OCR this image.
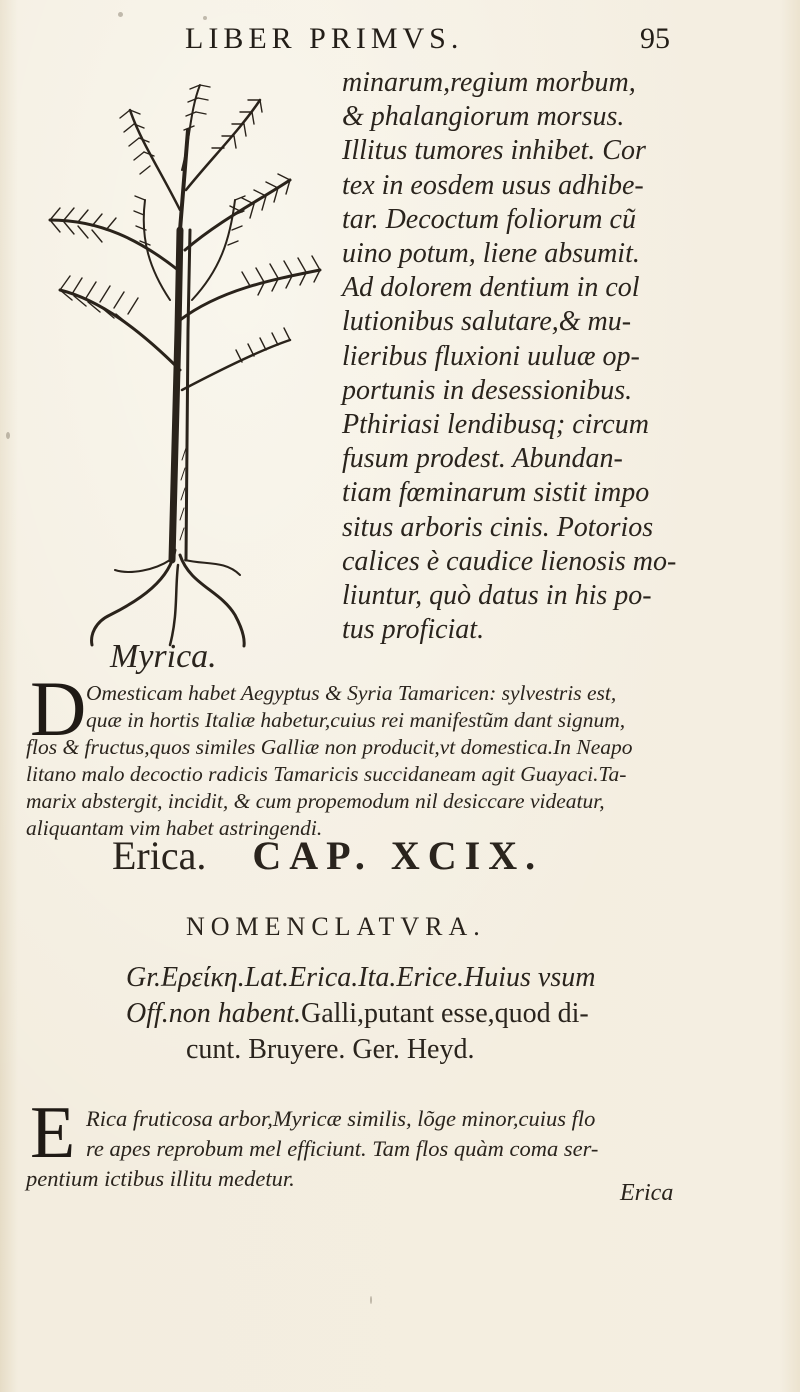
LIBER PRIMVS.	95
Myrica.
minarum,regium morbum,
& phalangiorum morsus.
Illitus tumores inhibet. Cor
tex in eosdem usus adhibe-
tar. Decoctum foliorum cũ
uino potum, liene absumit.
Ad dolorem dentium in col
lutionibus salutare,& mu-
lieribus fluxioni uuluæ op-
portunis in desessionibus.
Pthiriasi lendibusq; circum
fusum prodest. Abundan-
tiam fœminarum sistit impo
situs arboris cinis. Potorios
calices è caudice lienosis mo-
liuntur, quò datus in his po-
tus proficiat.
D Omesticam habet Aegyptus & Syria Tamaricen: sylvestris est,
quæ in hortis Italiæ habetur,cuius rei manifestũm dant signum,
flos & fructus,quos similes Galliæ non producit,vt domestica.In Neapo
litano malo decoctio radicis Tamaricis succidaneam agit Guayaci.Ta-
marix abstergit, incidit, & cum propemodum nil desiccare videatur,
aliquantam vim habet astringendi.
Erica. CAP. XCIX.
NOMENCLATVRA.
Gr.Ερείκη.Lat.Erica.Ita.Erice.Huius vsum
Off.non habent.Galli,putant esse,quod di-
cunt. Bruyere. Ger. Heyd.
E Rica fruticosa arbor,Myricæ similis, lõge minor,cuius flo
re apes reprobum mel efficiunt. Tam flos quàm coma ser-
pentium ictibus illitu medetur.
Erica
